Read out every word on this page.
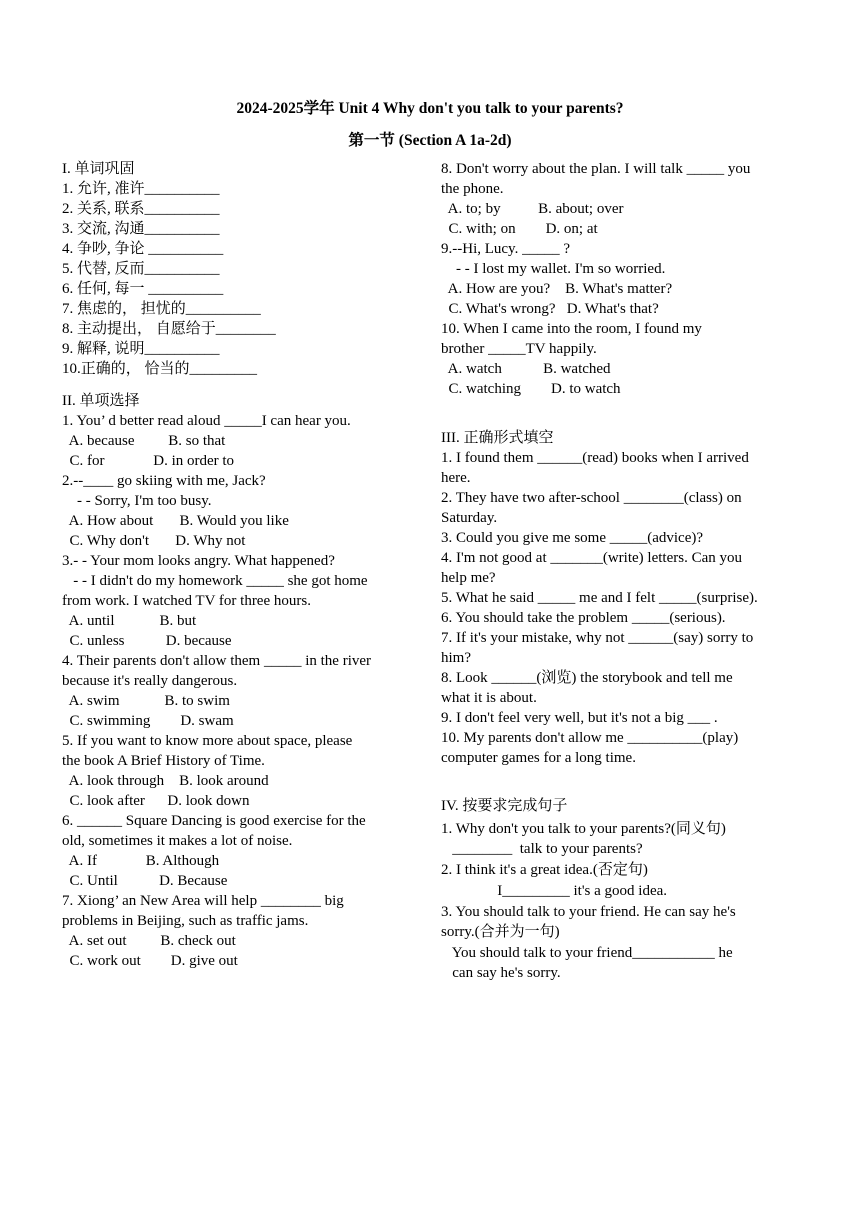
2024-2025学年 Unit 4 Why don't you talk to your parents?
第一节 (Section A 1a-2d)
I. 单词巩固
1. 允许, 准许__________
2. 关系, 联系__________
3. 交流, 沟通__________
4. 争吵, 争论 __________
5. 代替, 反而__________
6. 任何, 每一 __________
7. 焦虑的， 担忧的__________
8. 主动提出， 自愿给于________
9. 解释, 说明__________
10.正确的， 恰当的_________
II. 单项选择
1. You’ d better read aloud _____I can hear you.
A. because         B. so that
C. for             D. in order to
2.--____ go skiing with me, Jack?
- - Sorry, I'm too busy.
A. How about       B. Would you like
C. Why don't       D. Why not
3.- - Your mom looks angry. What happened?
- - I didn't do my homework _____ she got home
from work. I watched TV for three hours.
A. until            B. but
C. unless           D. because
4. Their parents don't allow them _____ in the river
because it's really dangerous.
A. swim            B. to swim
C. swimming        D. swam
5. If you want to know more about space, please
the book A Brief History of Time.
A. look through    B. look around
C. look after      D. look down
6. ______ Square Dancing is good exercise for the
old, sometimes it makes a lot of noise.
A. If             B. Although
C. Until           D. Because
7. Xiong’ an New Area will help ________ big
problems in Beijing, such as traffic jams.
A. set out         B. check out
C. work out        D. give out
8. Don't worry about the plan. I will talk _____ you
the phone.
A. to; by          B. about; over
C. with; on        D. on; at
9.--Hi, Lucy. _____ ?
- - I lost my wallet. I'm so worried.
A. How are you?    B. What's matter?
C. What's wrong?   D. What's that?
10. When I came into the room, I found my
brother _____TV happily.
A. watch           B. watched
C. watching        D. to watch
III. 正确形式填空
1. I found them ______(read) books when I arrived
here.
2. They have two after-school ________(class) on
Saturday.
3. Could you give me some _____(advice)?
4. I'm not good at _______(write) letters. Can you
help me?
5. What he said _____ me and I felt _____(surprise).
6. You should take the problem _____(serious).
7. If it's your mistake, why not ______(say) sorry to
him?
8. Look ______(浏览) the storybook and tell me
what it is about.
9. I don't feel very well, but it's not a big ___ .
10. My parents don't allow me __________(play)
computer games for a long time.
IV. 按要求完成句子
1. Why don't you talk to your parents?(同义句)
________  talk to your parents?
2. I think it's a great idea.(否定句)
I_________ it's a good idea.
3. You should talk to your friend. He can say he's
sorry.(合并为一句)
You should talk to your friend___________ he
can say he's sorry.
